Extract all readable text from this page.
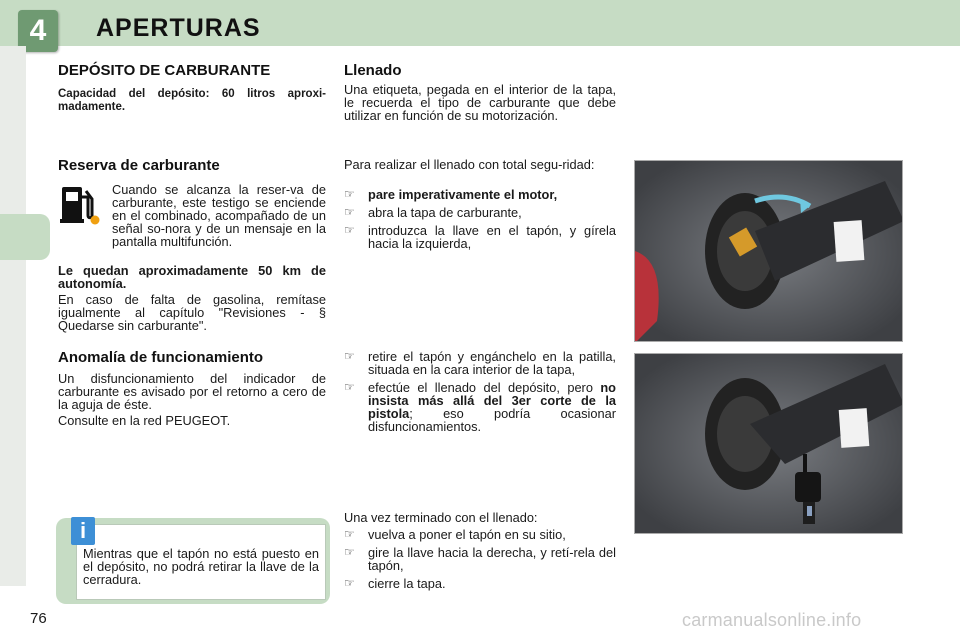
4	APERTURAS
DEPÓSITO DE CARBURANTE
Capacidad del depósito: 60 litros aproxi-madamente.
Reserva de carburante
Cuando se alcanza la reser-va de carburante, este testigo se enciende en el combinado, acompañado de un señal so-nora y de un mensaje en la pantalla multifunción.
Le quedan aproximadamente 50 km de autonomía.
En caso de falta de gasolina, remítase igualmente al capítulo "Revisiones - § Quedarse sin carburante".
Anomalía de funcionamiento
Un disfuncionamiento del indicador de carburante es avisado por el retorno a cero de la aguja de éste.
Consulte en la red PEUGEOT.
i
Mientras que el tapón no está puesto en el depósito, no podrá retirar la llave de la cerradura.
Llenado
Una etiqueta, pegada en el interior de la tapa, le recuerda el tipo de carburante que debe utilizar en función de su motorización.
Para realizar el llenado con total segu-ridad:
☞ pare imperativamente el motor,
☞ abra la tapa de carburante,
☞ introduzca la llave en el tapón, y gírela hacia la izquierda,
☞ retire el tapón y engánchelo en la patilla, situada en la cara interior de la tapa,
☞ efectúe el llenado del depósito, pero no insista más allá del 3er corte de la pistola; eso podría ocasionar disfuncionamientos.
Una vez terminado con el llenado:
☞ vuelva a poner el tapón en su sitio,
☞ gire la llave hacia la derecha, y retí-rela del tapón,
☞ cierre la tapa.
76	carmanualsonline.info
